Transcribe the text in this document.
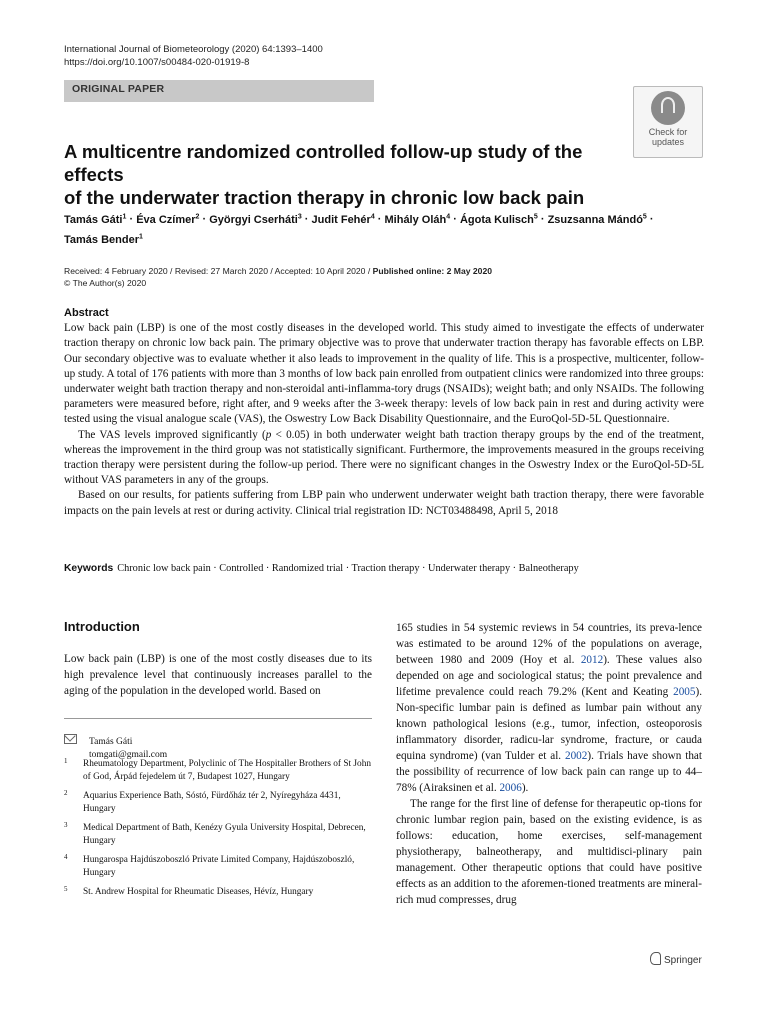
International Journal of Biometeorology (2020) 64:1393–1400
https://doi.org/10.1007/s00484-020-01919-8
ORIGINAL PAPER
Check for
updates
A multicentre randomized controlled follow-up study of the effects
of the underwater traction therapy in chronic low back pain
Tamás Gáti$^1$ · Éva Czímer$^2$ · Györgyi Cserháti$^3$ · Judit Fehér$^4$ · Mihály Oláh$^4$ · Ágota Kulisch$^5$ · Zsuzsanna Mándó$^5$ ·
Tamás Bender$^1$
Received: 4 February 2020 / Revised: 27 March 2020 / Accepted: 10 April 2020 / Published online: 2 May 2020
© The Author(s) 2020
Abstract

Low back pain (LBP) is one of the most costly diseases in the developed world. This study aimed to investigate the effects of underwater traction therapy on chronic low back pain. The primary objective was to prove that underwater traction therapy has favorable effects on LBP. Our secondary objective was to evaluate whether it also leads to improvement in the quality of life. This is a prospective, multicenter, follow-up study. A total of 176 patients with more than 3 months of low back pain enrolled from outpatient clinics were randomized into three groups: underwater weight bath traction therapy and non-steroidal anti-inflamma-tory drugs (NSAIDs); weight bath; and only NSAIDs. The following parameters were measured before, right after, and 9 weeks after the 3-week therapy: levels of low back pain in rest and during activity were tested using the visual analogue scale (VAS), the Oswestry Low Back Disability Questionnaire, and the EuroQol-5D-5L Questionnaire.

The VAS levels improved significantly (p < 0.05) in both underwater weight bath traction therapy groups by the end of the treatment, whereas the improvement in the third group was not statistically significant. Furthermore, the improvements measured in the groups receiving traction therapy were persistent during the follow-up period. There were no significant changes in the Oswestry Index or the EuroQol-5D-5L without VAS parameters in any of the groups.

Based on our results, for patients suffering from LBP pain who underwent underwater weight bath traction therapy, there were favorable impacts on the pain levels at rest or during activity. Clinical trial registration ID: NCT03488498, April 5, 2018

Keywords Chronic low back pain · Controlled · Randomized trial · Traction therapy · Underwater therapy · Balneotherapy
Introduction

Low back pain (LBP) is one of the most costly diseases due to its high prevalence level that continuously increases parallel to the aging of the population in the developed world. Based on

165 studies in 54 systemic reviews in 54 countries, its preva-lence was estimated to be around 12% of the populations on average, between 1980 and 2009 (Hoy et al. 2012). These values also depended on age and sociological status; the point prevalence and lifetime prevalence could reach 79.2% (Kent and Keating 2005). Non-specific lumbar pain is defined as lumbar pain without any known pathological lesions (e.g., tumor, infection, osteoporosis inflammatory disorder, radicu-lar syndrome, fracture, or cauda equina syndrome) (van Tulder et al. 2002). Trials have shown that the possibility of recurrence of low back pain can range up to 44–78% (Airaksinen et al. 2006).

The range for the first line of defense for therapeutic op-tions for chronic lumbar region pain, based on the existing evidence, is as follows: education, home exercises, self-management physiotherapy, balneotherapy, and multidisci-plinary pain management. Other therapeutic options that could have positive effects as an addition to the aforemen-tioned treatments are mineral-rich mud compresses, drug

Tamás Gáti
tomgati@gmail.com
1 Rheumatology Department, Polyclinic of The Hospitaller Brothers of St John of God, Árpád fejedelem út 7, Budapest 1027, Hungary
2 Aquarius Experience Bath, Sóstó, Fürdőház tér 2, Nyíregyháza 4431, Hungary
3 Medical Department of Bath, Kenézy Gyula University Hospital, Debrecen, Hungary
4 Hungarospa Hajdúszoboszló Private Limited Company, Hajdúszoboszló, Hungary
5 St. Andrew Hospital for Rheumatic Diseases, Hévíz, Hungary
Springer
